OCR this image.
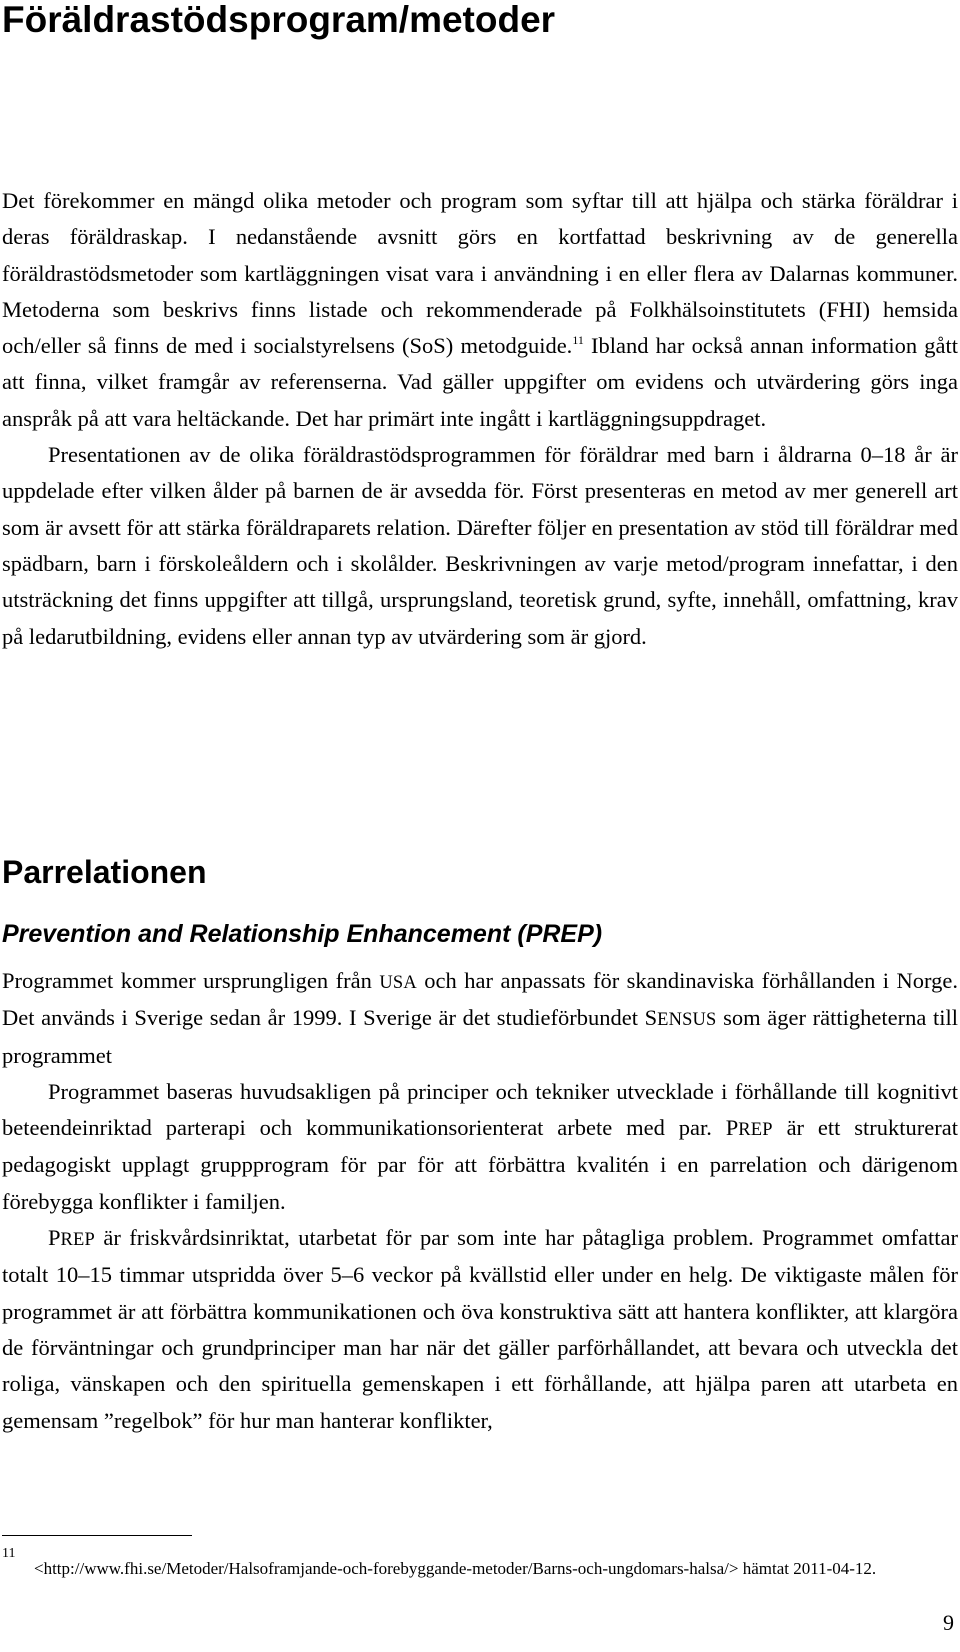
Föräldrastödsprogram/metoder

Det förekommer en mängd olika metoder och program som syftar till att hjälpa och stärka föräldrar i deras föräldraskap. I nedanstående avsnitt görs en kortfattad beskrivning av de generella föräldrastödsmetoder som kartläggningen visat vara i användning i en eller flera av Dalarnas kommuner. Metoderna som beskrivs finns listade och rekommenderade på Folkhälsoinstitutets (FHI) hemsida och/eller så finns de med i socialstyrelsens (SoS) metodguide.$^{11}$ Ibland har också annan information gått att finna, vilket framgår av referenserna. Vad gäller uppgifter om evidens och utvärdering görs inga anspråk på att vara heltäckande. Det har primärt inte ingått i kartläggningsuppdraget.

Presentationen av de olika föräldrastödsprogrammen för föräldrar med barn i åldrarna 0–18 år är uppdelade efter vilken ålder på barnen de är avsedda för. Först presenteras en metod av mer generell art som är avsett för att stärka föräldraparets relation. Därefter följer en presentation av stöd till föräldrar med spädbarn, barn i förskoleåldern och i skolålder. Beskrivningen av varje metod/program innefattar, i den utsträckning det finns uppgifter att tillgå, ursprungsland, teoretisk grund, syfte, innehåll, omfattning, krav på ledarutbildning, evidens eller annan typ av utvärdering som är gjord.

Parrelationen
Prevention and Relationship Enhancement (PREP)

Programmet kommer ursprungligen från USA och har anpassats för skandinaviska förhållanden i Norge. Det används i Sverige sedan år 1999. I Sverige är det studieförbundet SENSUS som äger rättigheterna till programmet

Programmet baseras huvudsakligen på principer och tekniker utvecklade i förhållande till kognitivt beteendeinriktad parterapi och kommunikationsorienterat arbete med par. PREP är ett strukturerat pedagogiskt upplagt gruppprogram för par för att förbättra kvalitén i en parrelation och därigenom förebygga konflikter i familjen.

PREP är friskvårdsinriktat, utarbetat för par som inte har påtagliga problem. Programmet omfattar totalt 10–15 timmar utspridda över 5–6 veckor på kvällstid eller under en helg. De viktigaste målen för programmet är att förbättra kommunikationen och öva konstruktiva sätt att hantera konflikter, att klargöra de förväntningar och grundprinciper man har när det gäller parförhållandet, att bevara och utveckla det roliga, vänskapen och den spirituella gemenskapen i ett förhållande, att hjälpa paren att utarbeta en gemensam ”regelbok” för hur man hanterar konflikter,

11

<http://www.fhi.se/Metoder/Halsoframjande-och-forebyggande-metoder/Barns-och-ungdomars-halsa/> hämtat 2011-04-12.

9
